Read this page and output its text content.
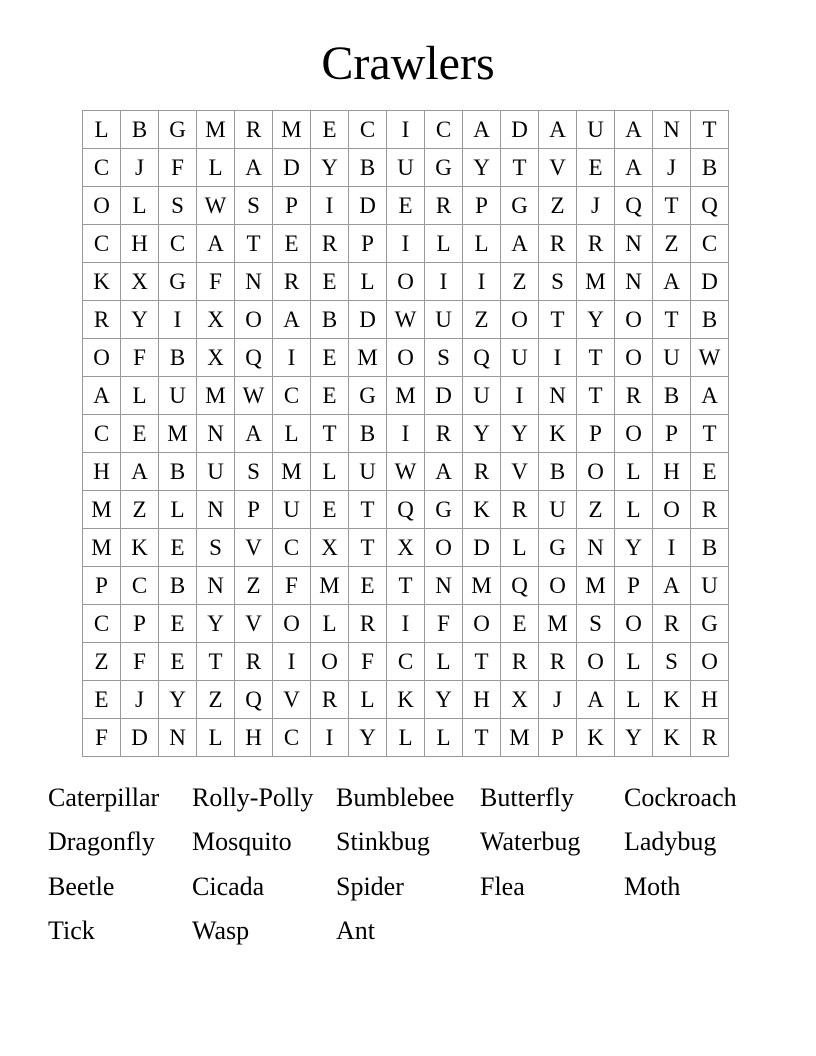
Crawlers
L	B	G	M	R	M	E	C	I	C	A	D	A	U	A	N	T
C	J	F	L	A	D	Y	B	U	G	Y	T	V	E	A	J	B
O	L	S	W	S	P	I	D	E	R	P	G	Z	J	Q	T	Q
C	H	C	A	T	E	R	P	I	L	L	A	R	R	N	Z	C
K	X	G	F	N	R	E	L	O	I	I	Z	S	M	N	A	D
R	Y	I	X	O	A	B	D	W	U	Z	O	T	Y	O	T	B
O	F	B	X	Q	I	E	M	O	S	Q	U	I	T	O	U	W
A	L	U	M	W	C	E	G	M	D	U	I	N	T	R	B	A
C	E	M	N	A	L	T	B	I	R	Y	Y	K	P	O	P	T
H	A	B	U	S	M	L	U	W	A	R	V	B	O	L	H	E
M	Z	L	N	P	U	E	T	Q	G	K	R	U	Z	L	O	R
M	K	E	S	V	C	X	T	X	O	D	L	G	N	Y	I	B
P	C	B	N	Z	F	M	E	T	N	M	Q	O	M	P	A	U
C	P	E	Y	V	O	L	R	I	F	O	E	M	S	O	R	G
Z	F	E	T	R	I	O	F	C	L	T	R	R	O	L	S	O
E	J	Y	Z	Q	V	R	L	K	Y	H	X	J	A	L	K	H
F	D	N	L	H	C	I	Y	L	L	T	M	P	K	Y	K	R
Caterpillar	Rolly-Polly Bumblebee Butterfly	Cockroach
Dragonfly	Mosquito	Stinkbug	Waterbug	Ladybug
Beetle	Cicada	Spider	Flea	Moth
Tick	Wasp	Ant
